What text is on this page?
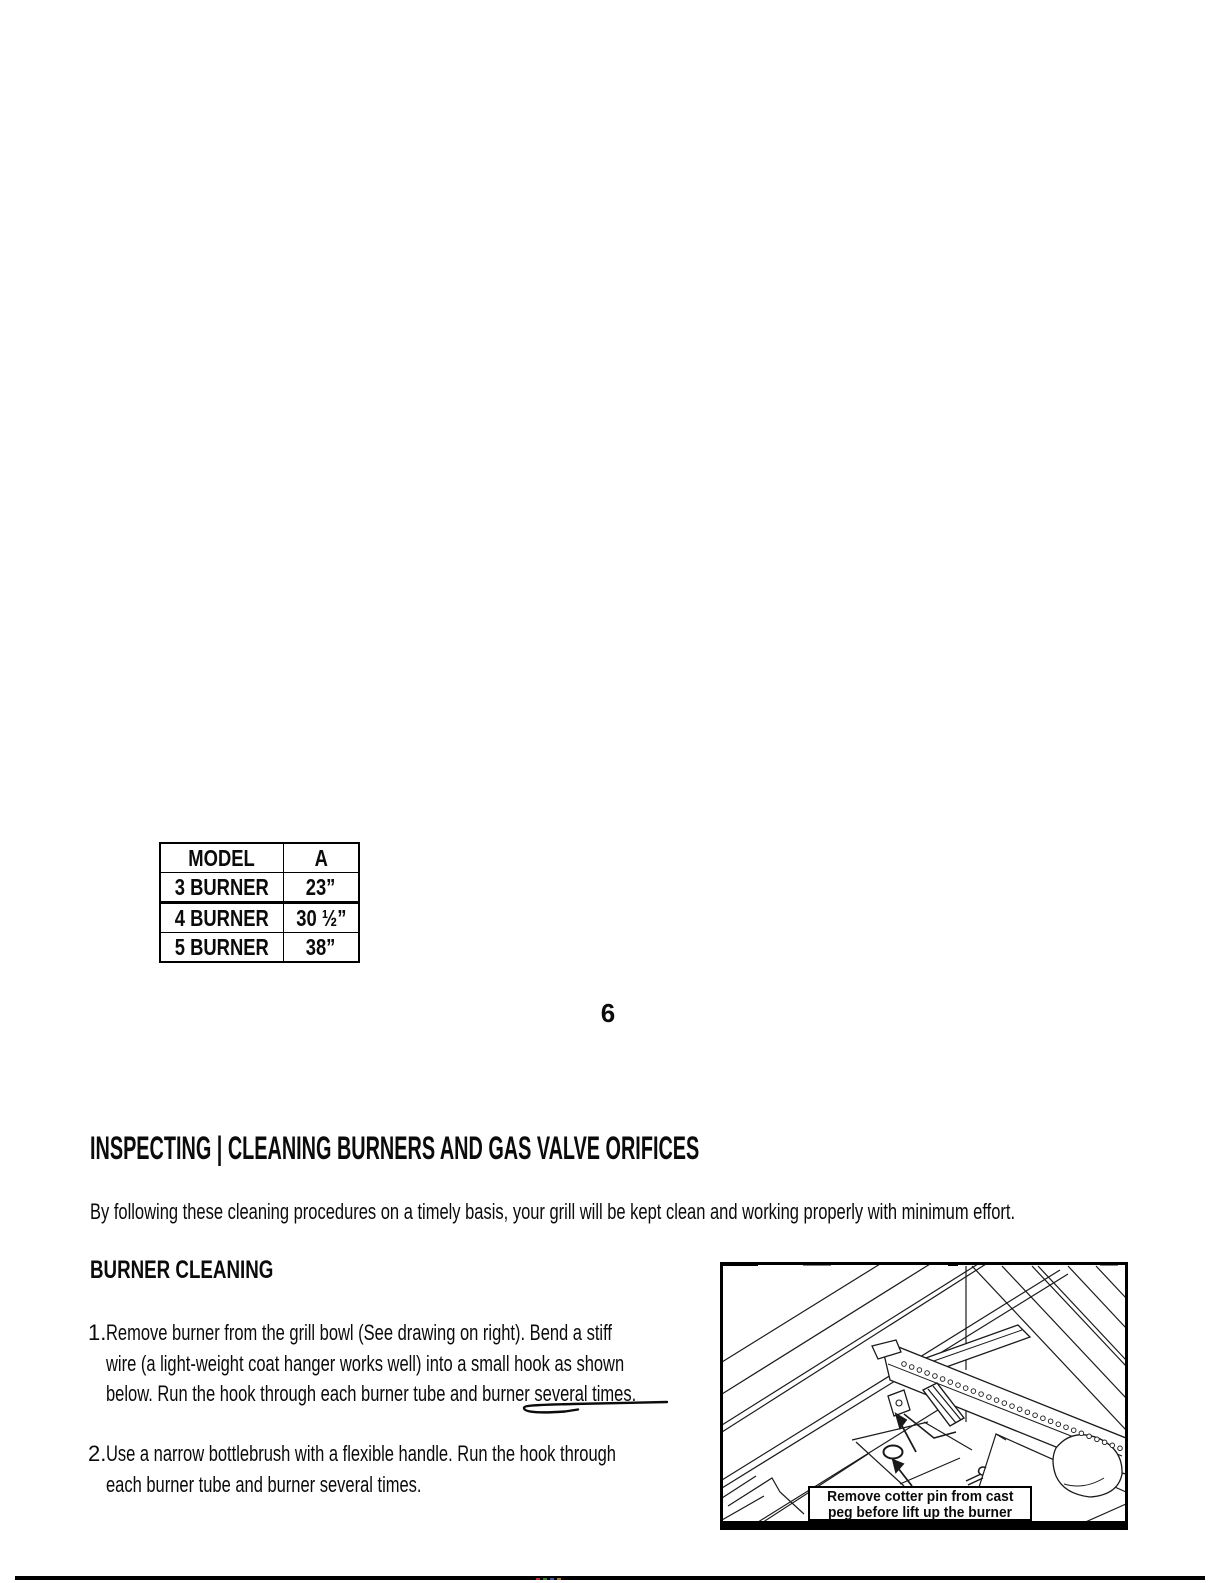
MODEL	A
3 BURNER	23”
4 BURNER	30 ½”
5 BURNER	38”
6
INSPECTING | CLEANING BURNERS AND GAS VALVE ORIFICES
By following these cleaning procedures on a timely basis, your grill will be kept clean and working properly with minimum effort.
BURNER CLEANING
1. Remove burner from the grill bowl (See drawing on right). Bend a stiff
wire (a light-weight coat hanger works well) into a small hook as shown
below. Run the hook through each burner tube and burner several times.
2. Use a narrow bottlebrush with a flexible handle. Run the hook through
each burner tube and burner several times.	Remove cotter pin from cast
peg before lift up the burner
